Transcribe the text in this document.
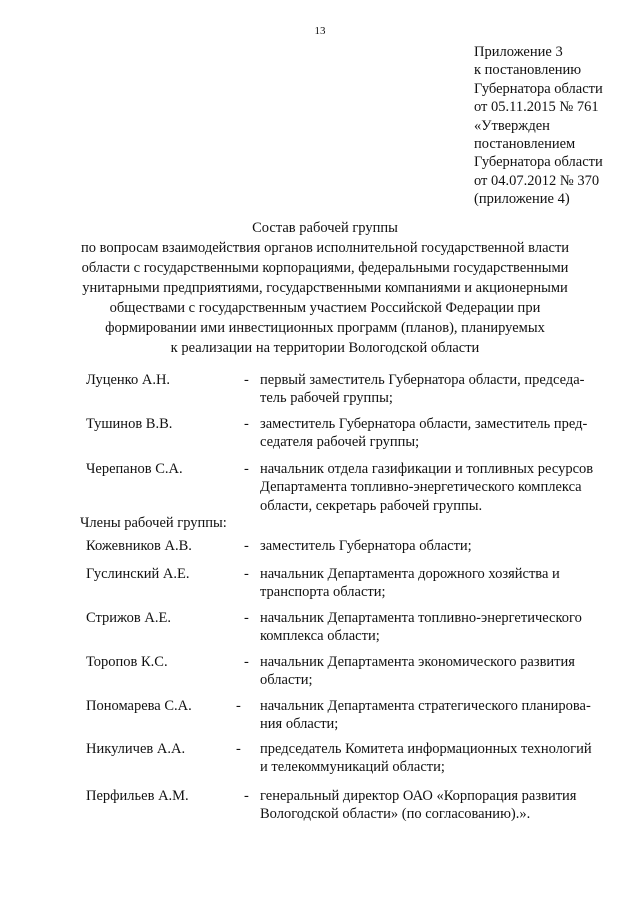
13
Приложение 3
к постановлению
Губернатора области
от 05.11.2015 № 761
«Утвержден
постановлением
Губернатора области
от 04.07.2012 № 370
(приложение 4)
Состав рабочей группы
по вопросам взаимодействия органов исполнительной государственной власти
области с государственными корпорациями, федеральными государственными
унитарными предприятиями, государственными компаниями и акционерными
обществами с государственным участием Российской Федерации при
формировании ими инвестиционных программ (планов), планируемых
к реализации на территории Вологодской области
Луценко А.Н.	- первый заместитель Губернатора области, председа-
тель рабочей группы;
Тушинов В.В.	- заместитель Губернатора области, заместитель пред-
седателя рабочей группы;
Черепанов С.А.	- начальник отдела газификации и топливных ресурсов
Департамента топливно-энергетического комплекса
области, секретарь рабочей группы.
Члены рабочей группы:
Кожевников А.В.	- заместитель Губернатора области;
Гуслинский А.Е.	- начальник Департамента дорожного хозяйства и
транспорта области;
Стрижов А.Е.	- начальник Департамента топливно-энергетического
комплекса области;
Торопов К.С.	- начальник Департамента экономического развития
области;
Пономарева С.А.	- начальник Департамента стратегического планирова-
ния области;
Никуличев А.А.	- председатель Комитета информационных технологий
и телекоммуникаций области;
Перфильев А.М.	- генеральный директор ОАО «Корпорация развития
Вологодской области» (по согласованию).».
